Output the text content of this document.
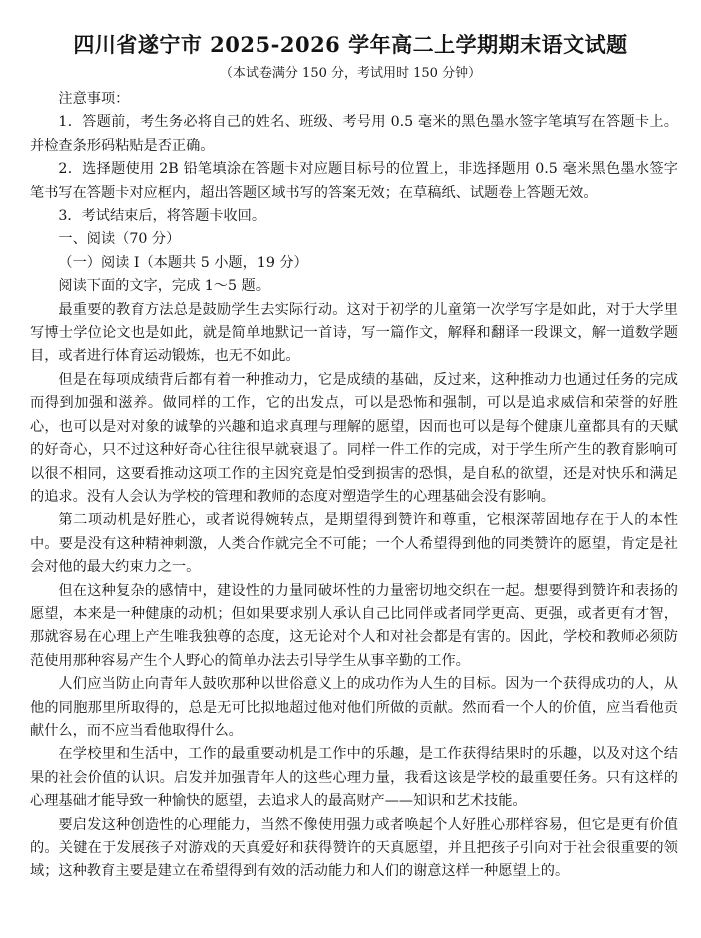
四川省遂宁市 2025-2026 学年高二上学期期末语文试题
（本试卷满分 150 分，考试用时 150 分钟）

注意事项：

1．答题前，考生务必将自己的姓名、班级、考号用 0.5 毫米的黑色墨水签字笔填写在答题卡上。并检查条形码粘贴是否正确。

2．选择题使用 2B 铅笔填涂在答题卡对应题目标号的位置上，非选择题用 0.5 毫米黑色墨水签字笔书写在答题卡对应框内，超出答题区域书写的答案无效；在草稿纸、试题卷上答题无效。

3．考试结束后，将答题卡收回。

一、阅读（70 分）

（一）阅读 I（本题共 5 小题，19 分）

阅读下面的文字，完成 1～5 题。

最重要的教育方法总是鼓励学生去实际行动。这对于初学的儿童第一次学写字是如此，对于大学里写博士学位论文也是如此，就是简单地默记一首诗，写一篇作文，解释和翻译一段课文，解一道数学题目，或者进行体育运动锻炼，也无不如此。

但是在每项成绩背后都有着一种推动力，它是成绩的基础，反过来，这种推动力也通过任务的完成而得到加强和滋养。做同样的工作，它的出发点，可以是恐怖和强制，可以是追求威信和荣誉的好胜心，也可以是对对象的诚挚的兴趣和追求真理与理解的愿望，因而也可以是每个健康儿童都具有的天赋的好奇心，只不过这种好奇心往往很早就衰退了。同样一件工作的完成，对于学生所产生的教育影响可以很不相同，这要看推动这项工作的主因究竟是怕受到损害的恐惧，是自私的欲望，还是对快乐和满足的追求。没有人会认为学校的管理和教师的态度对塑造学生的心理基础会没有影响。

第二项动机是好胜心，或者说得婉转点，是期望得到赞许和尊重，它根深蒂固地存在于人的本性中。要是没有这种精神刺激，人类合作就完全不可能；一个人希望得到他的同类赞许的愿望，肯定是社会对他的最大约束力之一。

但在这种复杂的感情中，建设性的力量同破坏性的力量密切地交织在一起。想要得到赞许和表扬的愿望，本来是一种健康的动机；但如果要求别人承认自己比同伴或者同学更高、更强，或者更有才智，那就容易在心理上产生唯我独尊的态度，这无论对个人和对社会都是有害的。因此，学校和教师必须防范使用那种容易产生个人野心的简单办法去引导学生从事辛勤的工作。

人们应当防止向青年人鼓吹那种以世俗意义上的成功作为人生的目标。因为一个获得成功的人，从他的同胞那里所取得的，总是无可比拟地超过他对他们所做的贡献。然而看一个人的价值，应当看他贡献什么，而不应当看他取得什么。

在学校里和生活中，工作的最重要动机是工作中的乐趣，是工作获得结果时的乐趣，以及对这个结果的社会价值的认识。启发并加强青年人的这些心理力量，我看这该是学校的最重要任务。只有这样的心理基础才能导致一种愉快的愿望，去追求人的最高财产——知识和艺术技能。

要启发这种创造性的心理能力，当然不像使用强力或者唤起个人好胜心那样容易，但它是更有价值的。关键在于发展孩子对游戏的天真爱好和获得赞许的天真愿望，并且把孩子引向对于社会很重要的领域；这种教育主要是建立在希望得到有效的活动能力和人们的谢意这样一种愿望上的。
